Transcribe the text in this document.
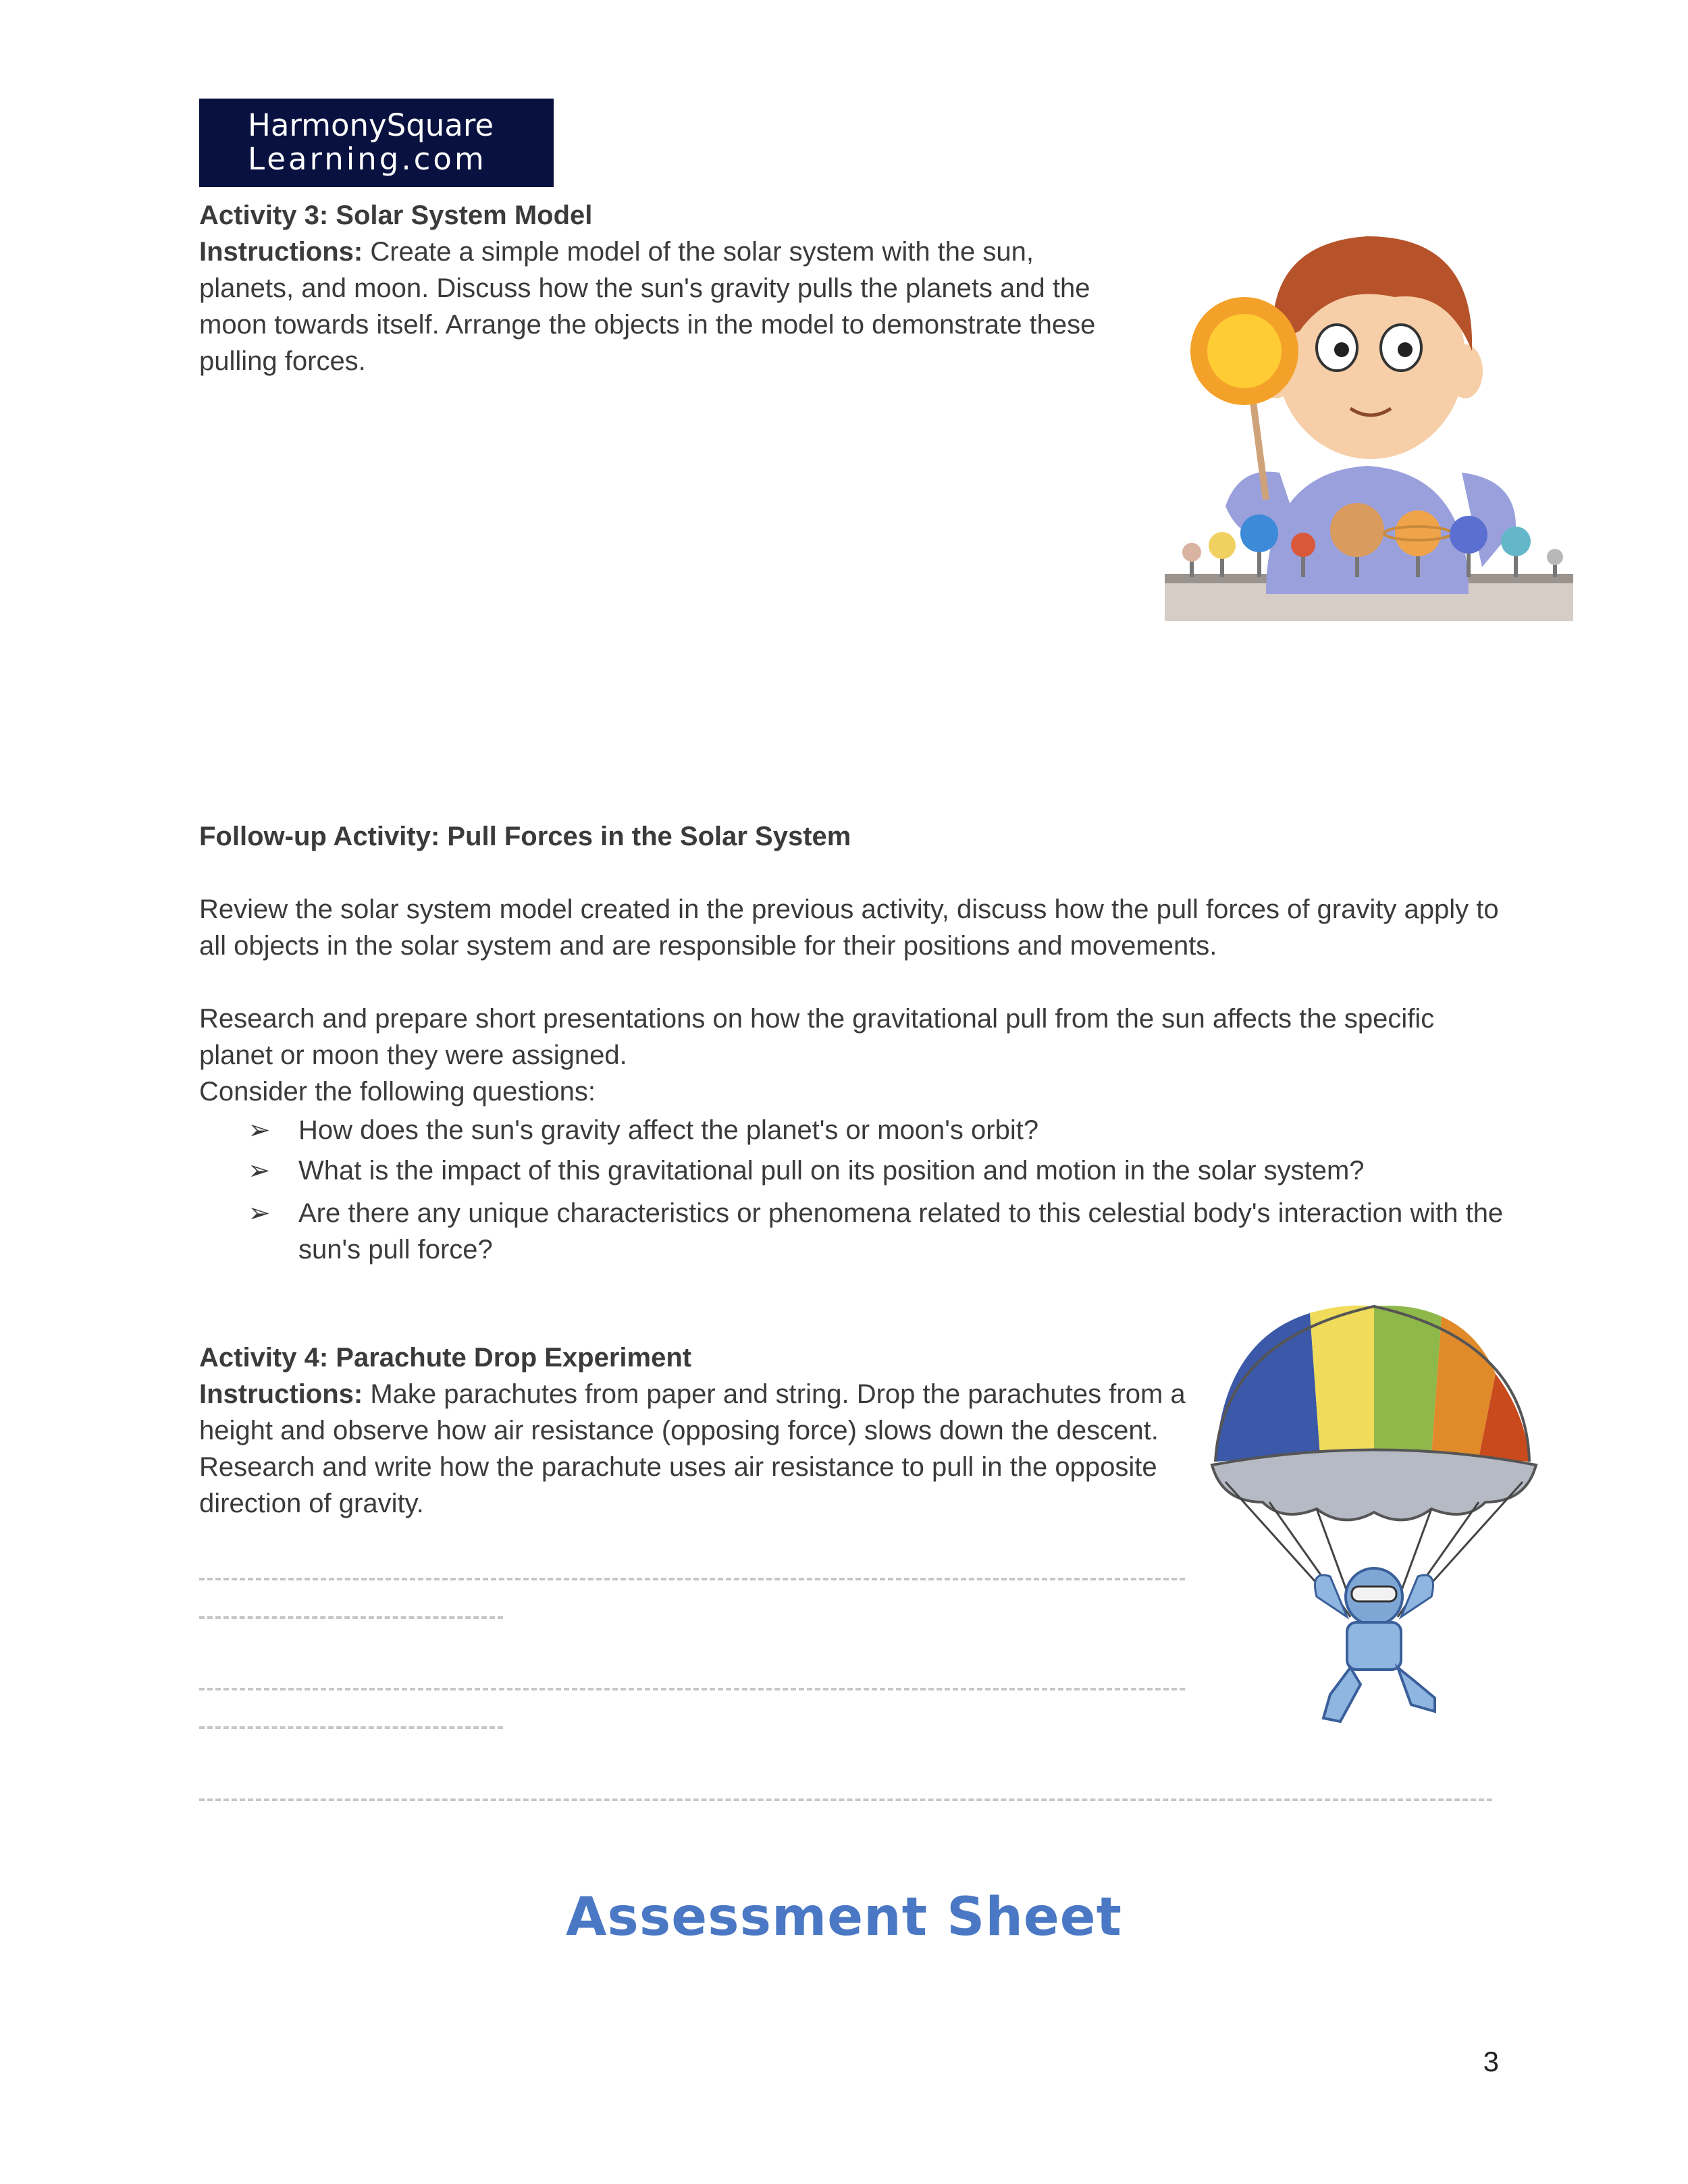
HarmonySquare
Learning.com
Activity 3: Solar System Model

Instructions: Create a simple model of the solar system with the sun, planets, and moon. Discuss how the sun's gravity pulls the planets and the moon towards itself. Arrange the objects in the model to demonstrate these pulling forces.

Follow-up Activity: Pull Forces in the Solar System

Review the solar system model created in the previous activity, discuss how the pull forces of gravity apply to all objects in the solar system and are responsible for their positions and movements.

Research and prepare short presentations on how the gravitational pull from the sun affects the specific planet or moon they were assigned.

Consider the following questions:

➢ How does the sun's gravity affect the planet's or moon's orbit?
➢ What is the impact of this gravitational pull on its position and motion in the solar system?
➢ Are there any unique characteristics or phenomena related to this celestial body's interaction with the sun's pull force?
Activity 4: Parachute Drop Experiment

Instructions: Make parachutes from paper and string. Drop the parachutes from a height and observe how air resistance (opposing force) slows down the descent. Research and write how the parachute uses air resistance to pull in the opposite direction of gravity.

Assessment Sheet
3
